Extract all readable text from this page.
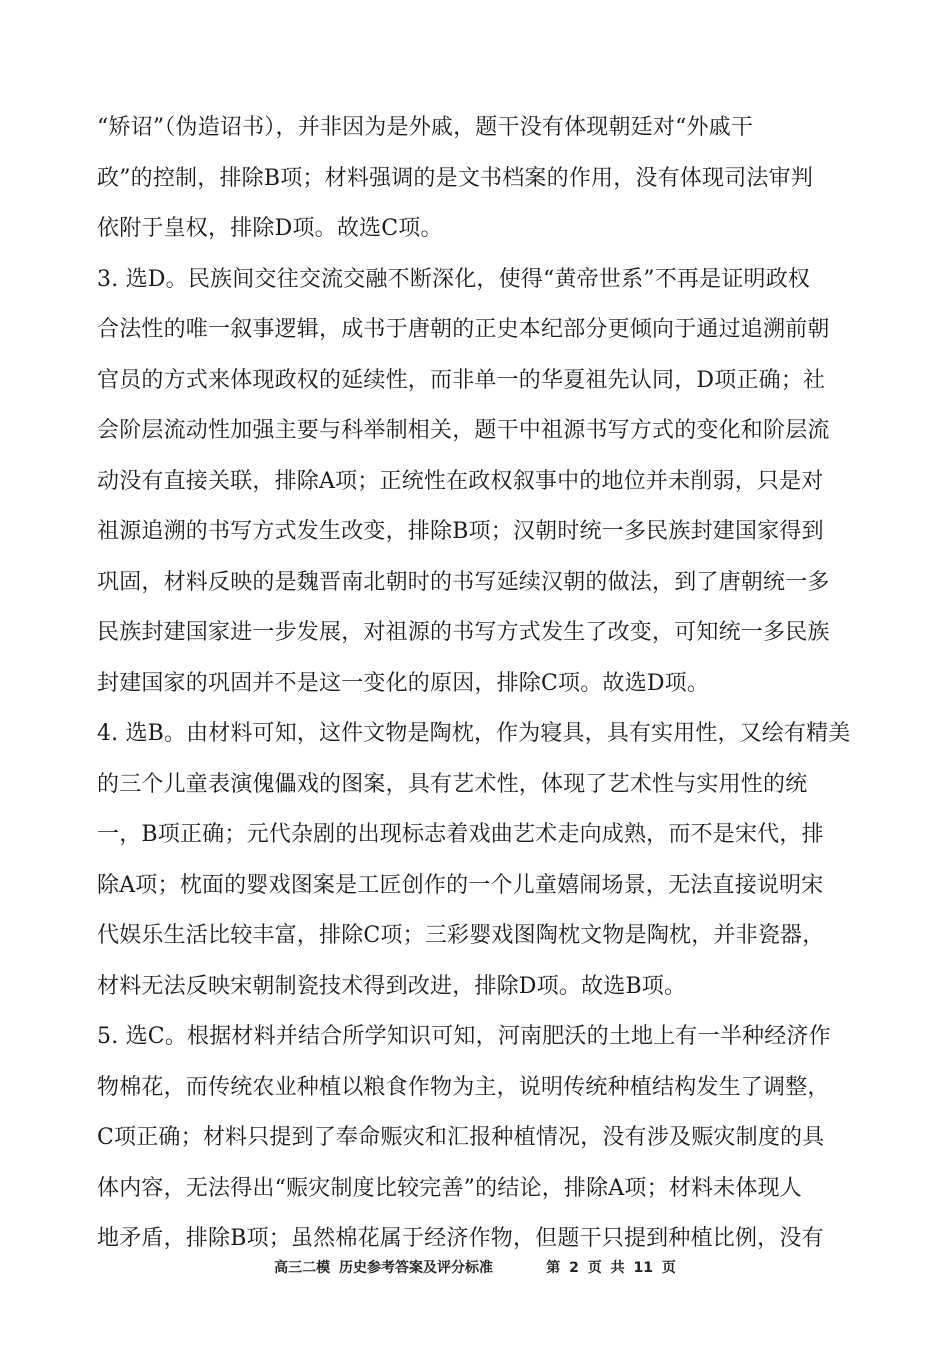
“矫诏”（伪造诏书），并非因为是外戚，题干没有体现朝廷对“外戚干
政”的控制，排除B项；材料强调的是文书档案的作用，没有体现司法审判
依附于皇权，排除D项。故选C项。
3. 选D。民族间交往交流交融不断深化，使得“黄帝世系”不再是证明政权
合法性的唯一叙事逻辑，成书于唐朝的正史本纪部分更倾向于通过追溯前朝
官员的方式来体现政权的延续性，而非单一的华夏祖先认同，D项正确；社
会阶层流动性加强主要与科举制相关，题干中祖源书写方式的变化和阶层流
动没有直接关联，排除A项；正统性在政权叙事中的地位并未削弱，只是对
祖源追溯的书写方式发生改变，排除B项；汉朝时统一多民族封建国家得到
巩固，材料反映的是魏晋南北朝时的书写延续汉朝的做法，到了唐朝统一多
民族封建国家进一步发展，对祖源的书写方式发生了改变，可知统一多民族
封建国家的巩固并不是这一变化的原因，排除C项。故选D项。
4. 选B。由材料可知，这件文物是陶枕，作为寝具，具有实用性，又绘有精美
的三个儿童表演傀儡戏的图案，具有艺术性，体现了艺术性与实用性的统
一，B项正确；元代杂剧的出现标志着戏曲艺术走向成熟，而不是宋代，排
除A项；枕面的婴戏图案是工匠创作的一个儿童嬉闹场景，无法直接说明宋
代娱乐生活比较丰富，排除C项；三彩婴戏图陶枕文物是陶枕，并非瓷器，
材料无法反映宋朝制瓷技术得到改进，排除D项。故选B项。
5. 选C。根据材料并结合所学知识可知，河南肥沃的土地上有一半种经济作
物棉花，而传统农业种植以粮食作物为主，说明传统种植结构发生了调整，
C项正确；材料只提到了奉命赈灾和汇报种植情况，没有涉及赈灾制度的具
体内容，无法得出“赈灾制度比较完善”的结论，排除A项；材料未体现人
地矛盾，排除B项；虽然棉花属于经济作物，但题干只提到种植比例，没有
高三二模 历史参考答案及评分标准	第 2 页 共 11 页
